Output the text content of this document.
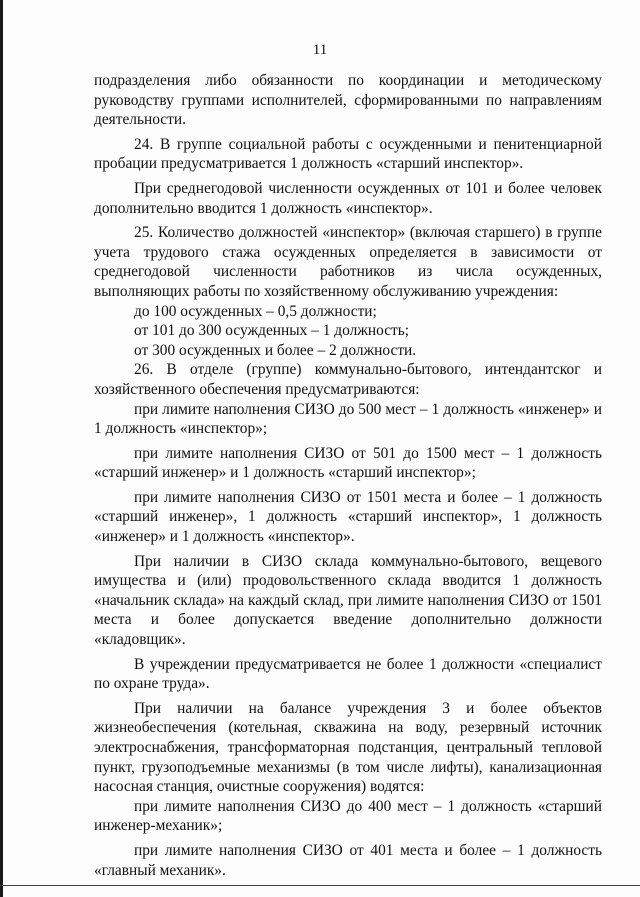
11

подразделения либо обязанности по координации и методическому руководству группами исполнителей, сформированными по направлениям деятельности.

24. В группе социальной работы с осужденными и пенитенциарной пробации предусматривается 1 должность «старший инспектор».

При среднегодовой численности осужденных от 101 и более человек дополнительно вводится 1 должность «инспектор».

25. Количество должностей «инспектор» (включая старшего) в группе учета трудового стажа осужденных определяется в зависимости от среднегодовой численности работников из числа осужденных, выполняющих работы по хозяйственному обслуживанию учреждения:

до 100 осужденных – 0,5 должности;

от 101 до 300 осужденных – 1 должность;

от 300 осужденных и более – 2 должности.

26. В отделе (группе) коммунально-бытового, интендантског и хозяйственного обеспечения предусматриваются:

при лимите наполнения СИЗО до 500 мест – 1 должность «инженер» и 1 должность «инспектор»;

при лимите наполнения СИЗО от 501 до 1500 мест – 1 должность «старший инженер» и 1 должность «старший инспектор»;

при лимите наполнения СИЗО от 1501 места и более – 1 должность «старший инженер», 1 должность «старший инспектор», 1 должность «инженер» и 1 должность «инспектор».

При наличии в СИЗО склада коммунально-бытового, вещевого имущества и (или) продовольственного склада вводится 1 должность «начальник склада» на каждый склад, при лимите наполнения СИЗО от 1501 места и более допускается введение дополнительно должности «кладовщик».

В учреждении предусматривается не более 1 должности «специалист по охране труда».

При наличии на балансе учреждения 3 и более объектов жизнеобеспечения (котельная, скважина на воду, резервный источник электроснабжения, трансформаторная подстанция, центральный тепловой пункт, грузоподъемные механизмы (в том числе лифты), канализационная насосная станция, очистные сооружения) водятся:

при лимите наполнения СИЗО до 400 мест – 1 должность «старший инженер-механик»;

при лимите наполнения СИЗО от 401 места и более – 1 должность «главный механик».
